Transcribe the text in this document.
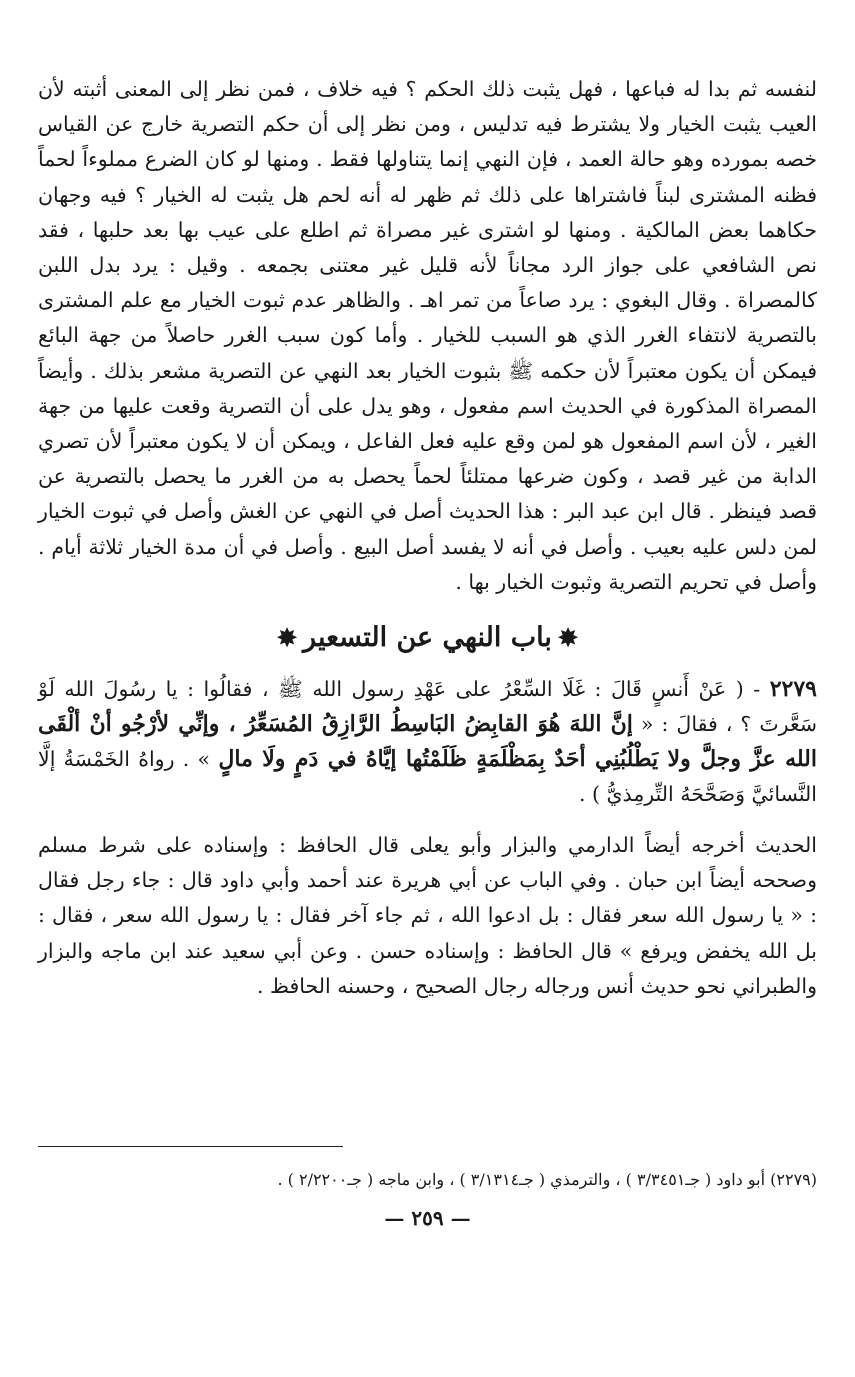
لنفسه ثم بدا له فباعها ، فهل يثبت ذلك الحكم ؟ فيه خلاف ، فمن نظر إلى المعنى أثبته لأن العيب يثبت الخيار ولا يشترط فيه تدليس ، ومن نظر إلى أن حكم التصرية خارج عن القياس خصه بمورده وهو حالة العمد ، فإن النهي إنما يتناولها فقط . ومنها لو كان الضرع مملوءاً لحماً فظنه المشترى لبناً فاشتراها على ذلك ثم ظهر له أنه لحم هل يثبت له الخيار ؟ فيه وجهان حكاهما بعض المالكية . ومنها لو اشترى غير مصراة ثم اطلع على عيب بها بعد حلبها ، فقد نص الشافعي على جواز الرد مجاناً لأنه قليل غير معتنى بجمعه . وقيل : يرد بدل اللبن كالمصراة . وقال البغوي : يرد صاعاً من تمر اهـ . والظاهر عدم ثبوت الخيار مع علم المشترى بالتصرية لانتفاء الغرر الذي هو السبب للخيار . وأما كون سبب الغرر حاصلاً من جهة البائع فيمكن أن يكون معتبراً لأن حكمه ﷺ بثبوت الخيار بعد النهي عن التصرية مشعر بذلك . وأيضاً المصراة المذكورة في الحديث اسم مفعول ، وهو يدل على أن التصرية وقعت عليها من جهة الغير ، لأن اسم المفعول هو لمن وقع عليه فعل الفاعل ، ويمكن أن لا يكون معتبراً لأن تصري الدابة من غير قصد ، وكون ضرعها ممتلئاً لحماً يحصل به من الغرر ما يحصل بالتصرية عن قصد فينظر . قال ابن عبد البر : هذا الحديث أصل في النهي عن الغش وأصل في ثبوت الخيار لمن دلس عليه بعيب . وأصل في أنه لا يفسد أصل البيع . وأصل في أن مدة الخيار ثلاثة أيام . وأصل في تحريم التصرية وثبوت الخيار بها .

✸باب النهي عن التسعير✸

٢٢٧٩ - ( عَنْ أَنسٍ قَالَ : غَلَا السِّعْرُ على عَهْدِ رسول الله ﷺ ، فقالُوا : يا رسُولَ الله لَوْ سَعَّرتَ ؟ ، فقالَ : « إنَّ اللهَ هُوَ القابِضُ البَاسِطُ الرَّازِقُ المُسَعِّرُ ، وإنِّي لأرْجُو أنْ ألْقَى الله عزَّ وجلَّ ولا يَطْلُبُنِي أحَدٌ بِمَظْلَمَةٍ ظَلَمْتُها إيَّاهُ في دَمٍ ولَا مالٍ » . رواهُ الخَمْسَةُ إلَّا النَّسائيَّ وَصَحَّحَهُ التِّرمِذيُّ ) .

الحديث أخرجه أيضاً الدارمي والبزار وأبو يعلى قال الحافظ : وإسناده على شرط مسلم وصححه أيضاً ابن حبان . وفي الباب عن أبي هريرة عند أحمد وأبي داود قال : جاء رجل فقال : « يا رسول الله سعر فقال : بل ادعوا الله ، ثم جاء آخر فقال : يا رسول الله سعر ، فقال : بل الله يخفض ويرفع » قال الحافظ : وإسناده حسن . وعن أبي سعيد عند ابن ماجه والبزار والطبراني نحو حديث أنس ورجاله رجال الصحيح ، وحسنه الحافظ .

(٢٢٧٩) أبو داود ( جـ٣/٣٤٥١ ) ، والترمذي ( جـ٣/١٣١٤ ) ، وابن ماجه ( جـ٢/٢٢٠٠ ) .

— ٢٥٩ —
